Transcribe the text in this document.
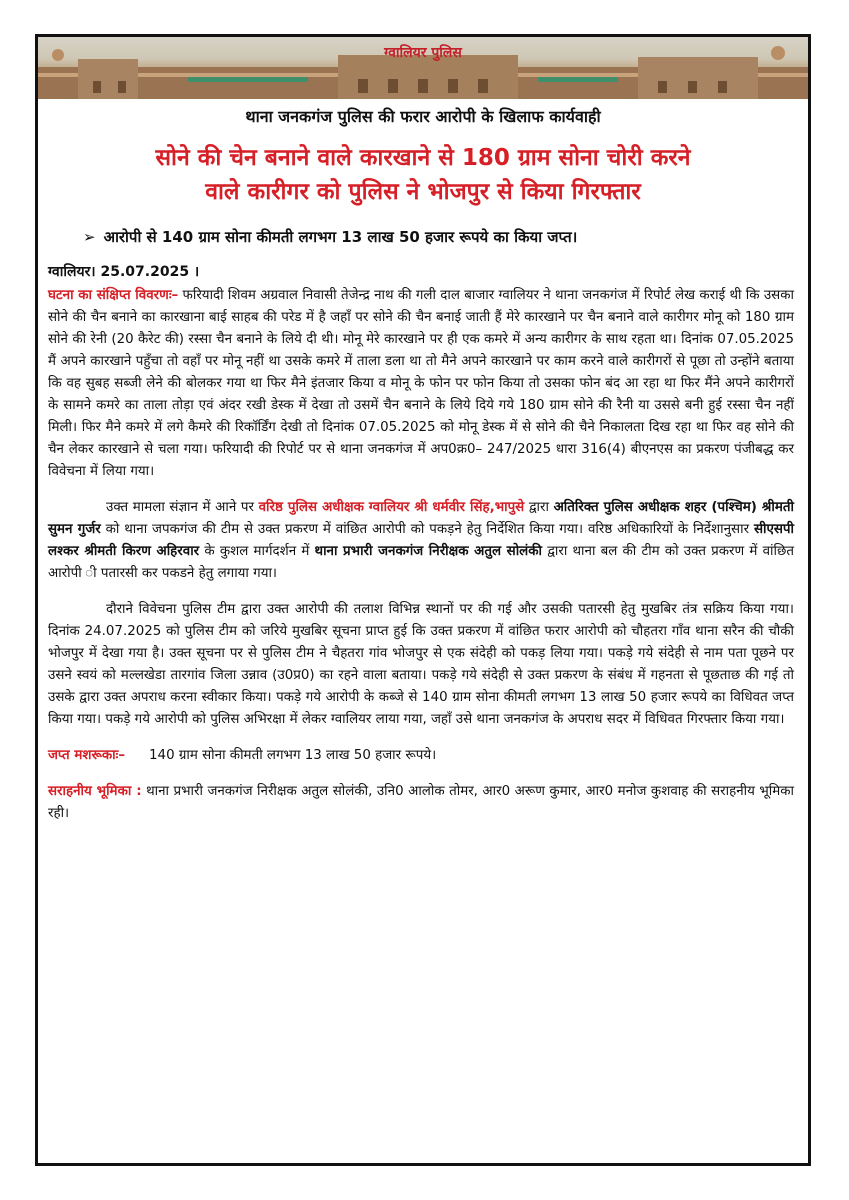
ग्वालियर पुलिस
थाना जनकगंज पुलिस की फरार आरोपी के खिलाफ कार्यवाही
सोने की चेन बनाने वाले कारखाने से 180 ग्राम सोना चोरी करने
वाले कारीगर को पुलिस ने भोजपुर से किया गिरफ्तार
➢ आरोपी से 140 ग्राम सोना कीमती लगभग 13 लाख 50 हजार रूपये का किया जप्त।
ग्वालियर। 25.07.2025 ।

घटना का संक्षिप्त विवरणः– फरियादी शिवम अग्रवाल निवासी तेजेन्द्र नाथ की गली दाल बाजार ग्वालियर ने थाना जनकगंज में रिपोर्ट लेख कराई थी कि उसका सोने की चैन बनाने का कारखाना बाई साहब की परेड में है जहाँ पर सोने की चैन बनाई जाती हैं मेरे कारखाने पर चैन बनाने वाले कारीगर मोनू को 180 ग्राम सोने की रेनी (20 कैरेट की) रस्सा चैन बनाने के लिये दी थी। मोनू मेरे कारखाने पर ही एक कमरे में अन्य कारीगर के साथ रहता था। दिनांक 07.05.2025 मैं अपने कारखाने पहुँचा तो वहाँ पर मोनू नहीं था उसके कमरे में ताला डला था तो मैने अपने कारखाने पर काम करने वाले कारीगरों से पूछा तो उन्होंने बताया कि वह सुबह सब्जी लेने की बोलकर गया था फिर मैने इंतजार किया व मोनू के फोन पर फोन किया तो उसका फोन बंद आ रहा था फिर मैंने अपने कारीगरों के सामने कमरे का ताला तोड़ा एवं अंदर रखी डेस्क में देखा तो उसमें चैन बनाने के लिये दिये गये 180 ग्राम सोने की रैनी या उससे बनी हुई रस्सा चैन नहीं मिली। फिर मैने कमरे में लगे कैमरे की रिकॉर्डिंग देखी तो दिनांक 07.05.2025 को मोनू डेस्क में से सोने की चैने निकालता दिख रहा था फिर वह सोने की चैन लेकर कारखाने से चला गया। फरियादी की रिपोर्ट पर से थाना जनकगंज में अप0क्र0– 247/2025 धारा 316(4) बीएनएस का प्रकरण पंजीबद्ध कर विवेचना में लिया गया।

उक्त मामला संज्ञान में आने पर वरिष्ठ पुलिस अधीक्षक ग्वालियर श्री धर्मवीर सिंह,भापुसे द्वारा अतिरिक्त पुलिस अधीक्षक शहर (पश्चिम) श्रीमती सुमन गुर्जर को थाना जपकगंज की टीम से उक्त प्रकरण में वांछित आरोपी को पकड़ने हेतु निर्देशित किया गया। वरिष्ठ अधिकारियों के निर्देशानुसार सीएसपी लश्कर श्रीमती किरण अहिरवार के कुशल मार्गदर्शन में थाना प्रभारी जनकगंज निरीक्षक अतुल सोलंकी द्वारा थाना बल की टीम को उक्त प्रकरण में वांछित आरोपी ी पतारसी कर पकडने हेतु लगाया गया।

दौराने विवेचना पुलिस टीम द्वारा उक्त आरोपी की तलाश विभिन्न स्थानों पर की गई और उसकी पतारसी हेतु मुखबिर तंत्र सक्रिय किया गया। दिनांक 24.07.2025 को पुलिस टीम को जरिये मुखबिर सूचना प्राप्त हुई कि उक्त प्रकरण में वांछित फरार आरोपी को चौहतरा गाँव थाना सरैन की चौकी भोजपुर में देखा गया है। उक्त सूचना पर से पुलिस टीम ने चैहतरा गांव भोजपुर से एक संदेही को पकड़ लिया गया। पकड़े गये संदेही से नाम पता पूछने पर उसने स्वयं को मल्लखेडा तारगांव जिला उन्नाव (उ0प्र0) का रहने वाला बताया। पकड़े गये संदेही से उक्त प्रकरण के संबंध में गहनता से पूछताछ की गई तो उसके द्वारा उक्त अपराध करना स्वीकार किया। पकड़े गये आरोपी के कब्जे से 140 ग्राम सोना कीमती लगभग 13 लाख 50 हजार रूपये का विधिवत जप्त किया गया। पकड़े गये आरोपी को पुलिस अभिरक्षा में लेकर ग्वालियर लाया गया, जहाँ उसे थाना जनकगंज के अपराध सदर में विधिवत गिरफ्तार किया गया।

जप्त मशरूकाः– 140 ग्राम सोना कीमती लगभग 13 लाख 50 हजार रूपये।

सराहनीय भूमिका : थाना प्रभारी जनकगंज निरीक्षक अतुल सोलंकी, उनि0 आलोक तोमर, आर0 अरूण कुमार, आर0 मनोज कुशवाह की सराहनीय भूमिका रही।
